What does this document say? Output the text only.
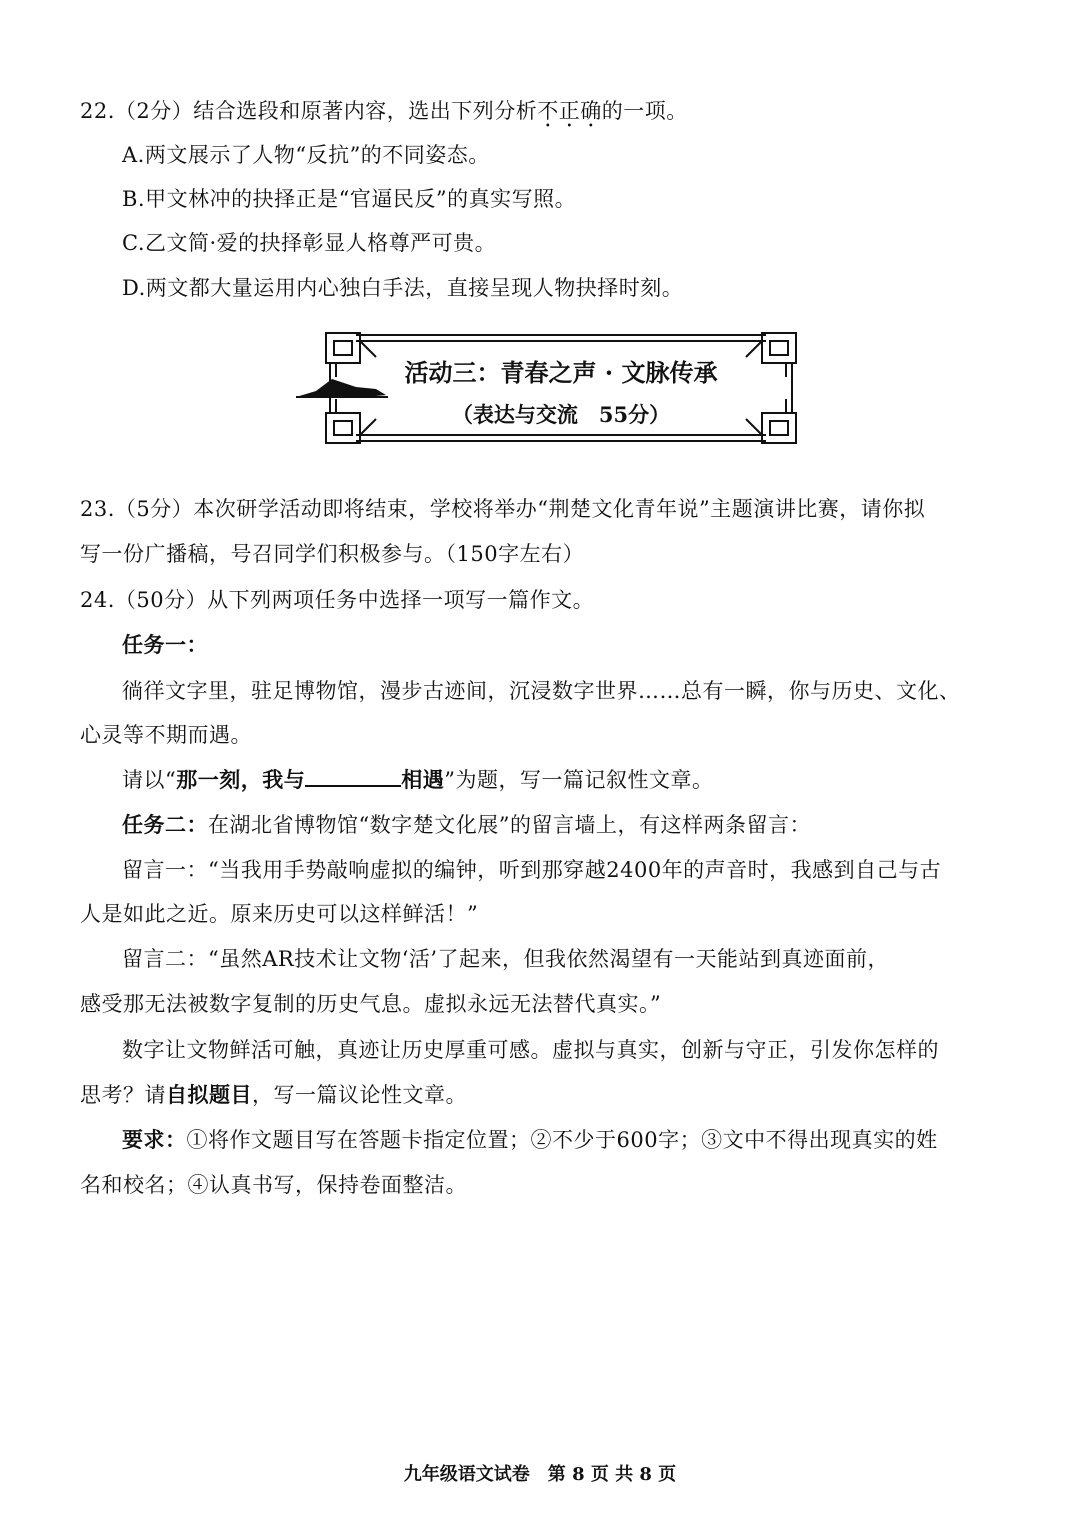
22.（2分）结合选段和原著内容，选出下列分析不正确的一项。
A.两文展示了人物“反抗”的不同姿态。
B.甲文林冲的抉择正是“官逼民反”的真实写照。
C.乙文简·爱的抉择彰显人格尊严可贵。
D.两文都大量运用内心独白手法，直接呈现人物抉择时刻。
活动三：青春之声 · 文脉传承
（表达与交流　55分）
23.（5分）本次研学活动即将结束，学校将举办“荆楚文化青年说”主题演讲比赛，请你拟
写一份广播稿，号召同学们积极参与。（150字左右）
24.（50分）从下列两项任务中选择一项写一篇作文。
任务一：
徜徉文字里，驻足博物馆，漫步古迹间，沉浸数字世界……总有一瞬，你与历史、文化、
心灵等不期而遇。
请以“那一刻，我与	相遇”为题，写一篇记叙性文章。
任务二：在湖北省博物馆“数字楚文化展”的留言墙上，有这样两条留言：
留言一：“当我用手势敲响虚拟的编钟，听到那穿越2400年的声音时，我感到自己与古
人是如此之近。原来历史可以这样鲜活！”
留言二：“虽然AR技术让文物‘活’了起来，但我依然渴望有一天能站到真迹面前，
感受那无法被数字复制的历史气息。虚拟永远无法替代真实。”
数字让文物鲜活可触，真迹让历史厚重可感。虚拟与真实，创新与守正，引发你怎样的
思考？请自拟题目，写一篇议论性文章。
要求：①将作文题目写在答题卡指定位置；②不少于600字；③文中不得出现真实的姓
名和校名；④认真书写，保持卷面整洁。
九年级语文试卷　第 8 页 共 8 页
